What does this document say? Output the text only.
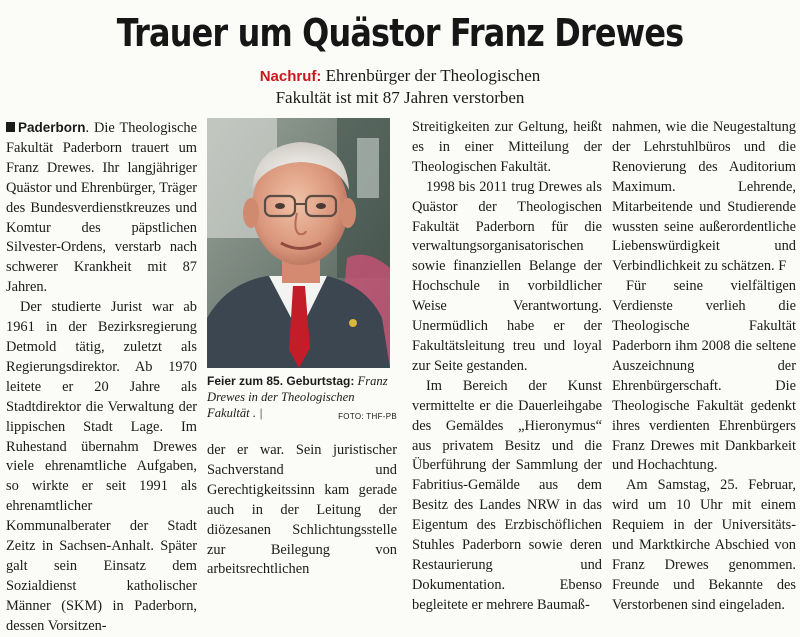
Trauer um Quästor Franz Drewes

Nachruf: Ehrenbürger der Theologischen

Fakultät ist mit 87 Jahren verstorben

Paderborn. Die Theologische Fakultät Paderborn trauert um Franz Drewes. Ihr langjähriger Quästor und Ehrenbürger, Träger des Bundesverdienstkreuzes und Komtur des päpstlichen Silvester-Ordens, verstarb nach schwerer Krankheit mit 87 Jahren.

Der studierte Jurist war ab 1961 in der Bezirksregierung Detmold tätig, zuletzt als Regierungsdirektor. Ab 1970 leitete er 20 Jahre als Stadtdirektor die Verwaltung der lippischen Stadt Lage. Im Ruhestand übernahm Drewes viele ehrenamtliche Aufgaben, so wirkte er seit 1991 als ehrenamtlicher Kommunalberater der Stadt Zeitz in Sachsen-Anhalt. Später galt sein Einsatz dem Sozialdienst katholischer Männer (SKM) in Paderborn, dessen Vorsitzen-

Feier zum 85. Geburtstag: Franz Drewes in der Theologischen Fakultät . |	FOTO: THF-PB

der er war. Sein juristischer Sachverstand und Gerechtigkeitssinn kam gerade auch in der Leitung der diözesanen Schlichtungsstelle zur Beilegung von arbeitsrechtlichen

Streitigkeiten zur Geltung, heißt es in einer Mitteilung der Theologischen Fakultät.

1998 bis 2011 trug Drewes als Quästor der Theologischen Fakultät Paderborn für die verwaltungsorganisatorischen sowie finanziellen Belange der Hochschule in vorbildlicher Weise Verantwortung. Unermüdlich habe er der Fakultätsleitung treu und loyal zur Seite gestanden.

Im Bereich der Kunst vermittelte er die Dauerleihgabe des Gemäldes „Hieronymus“ aus privatem Besitz und die Überführung der Sammlung der Fabritius-Gemälde aus dem Besitz des Landes NRW in das Eigentum des Erzbischöflichen Stuhles Paderborn sowie deren Restaurierung und Dokumentation. Ebenso begleitete er mehrere Baumaß-

nahmen, wie die Neugestaltung der Lehrstuhlbüros und die Renovierung des Auditorium Maximum. Lehrende, Mitarbeitende und Studierende wussten seine außerordentliche Liebenswürdigkeit und Verbindlichkeit zu schätzen. F

Für seine vielfältigen Verdienste verlieh die Theologische Fakultät Paderborn ihm 2008 die seltene Auszeichnung der Ehrenbürgerschaft. Die Theologische Fakultät gedenkt ihres verdienten Ehrenbürgers Franz Drewes mit Dankbarkeit und Hochachtung.

Am Samstag, 25. Februar, wird um 10 Uhr mit einem Requiem in der Universitäts- und Marktkirche Abschied von Franz Drewes genommen. Freunde und Bekannte des Verstorbenen sind eingeladen.
